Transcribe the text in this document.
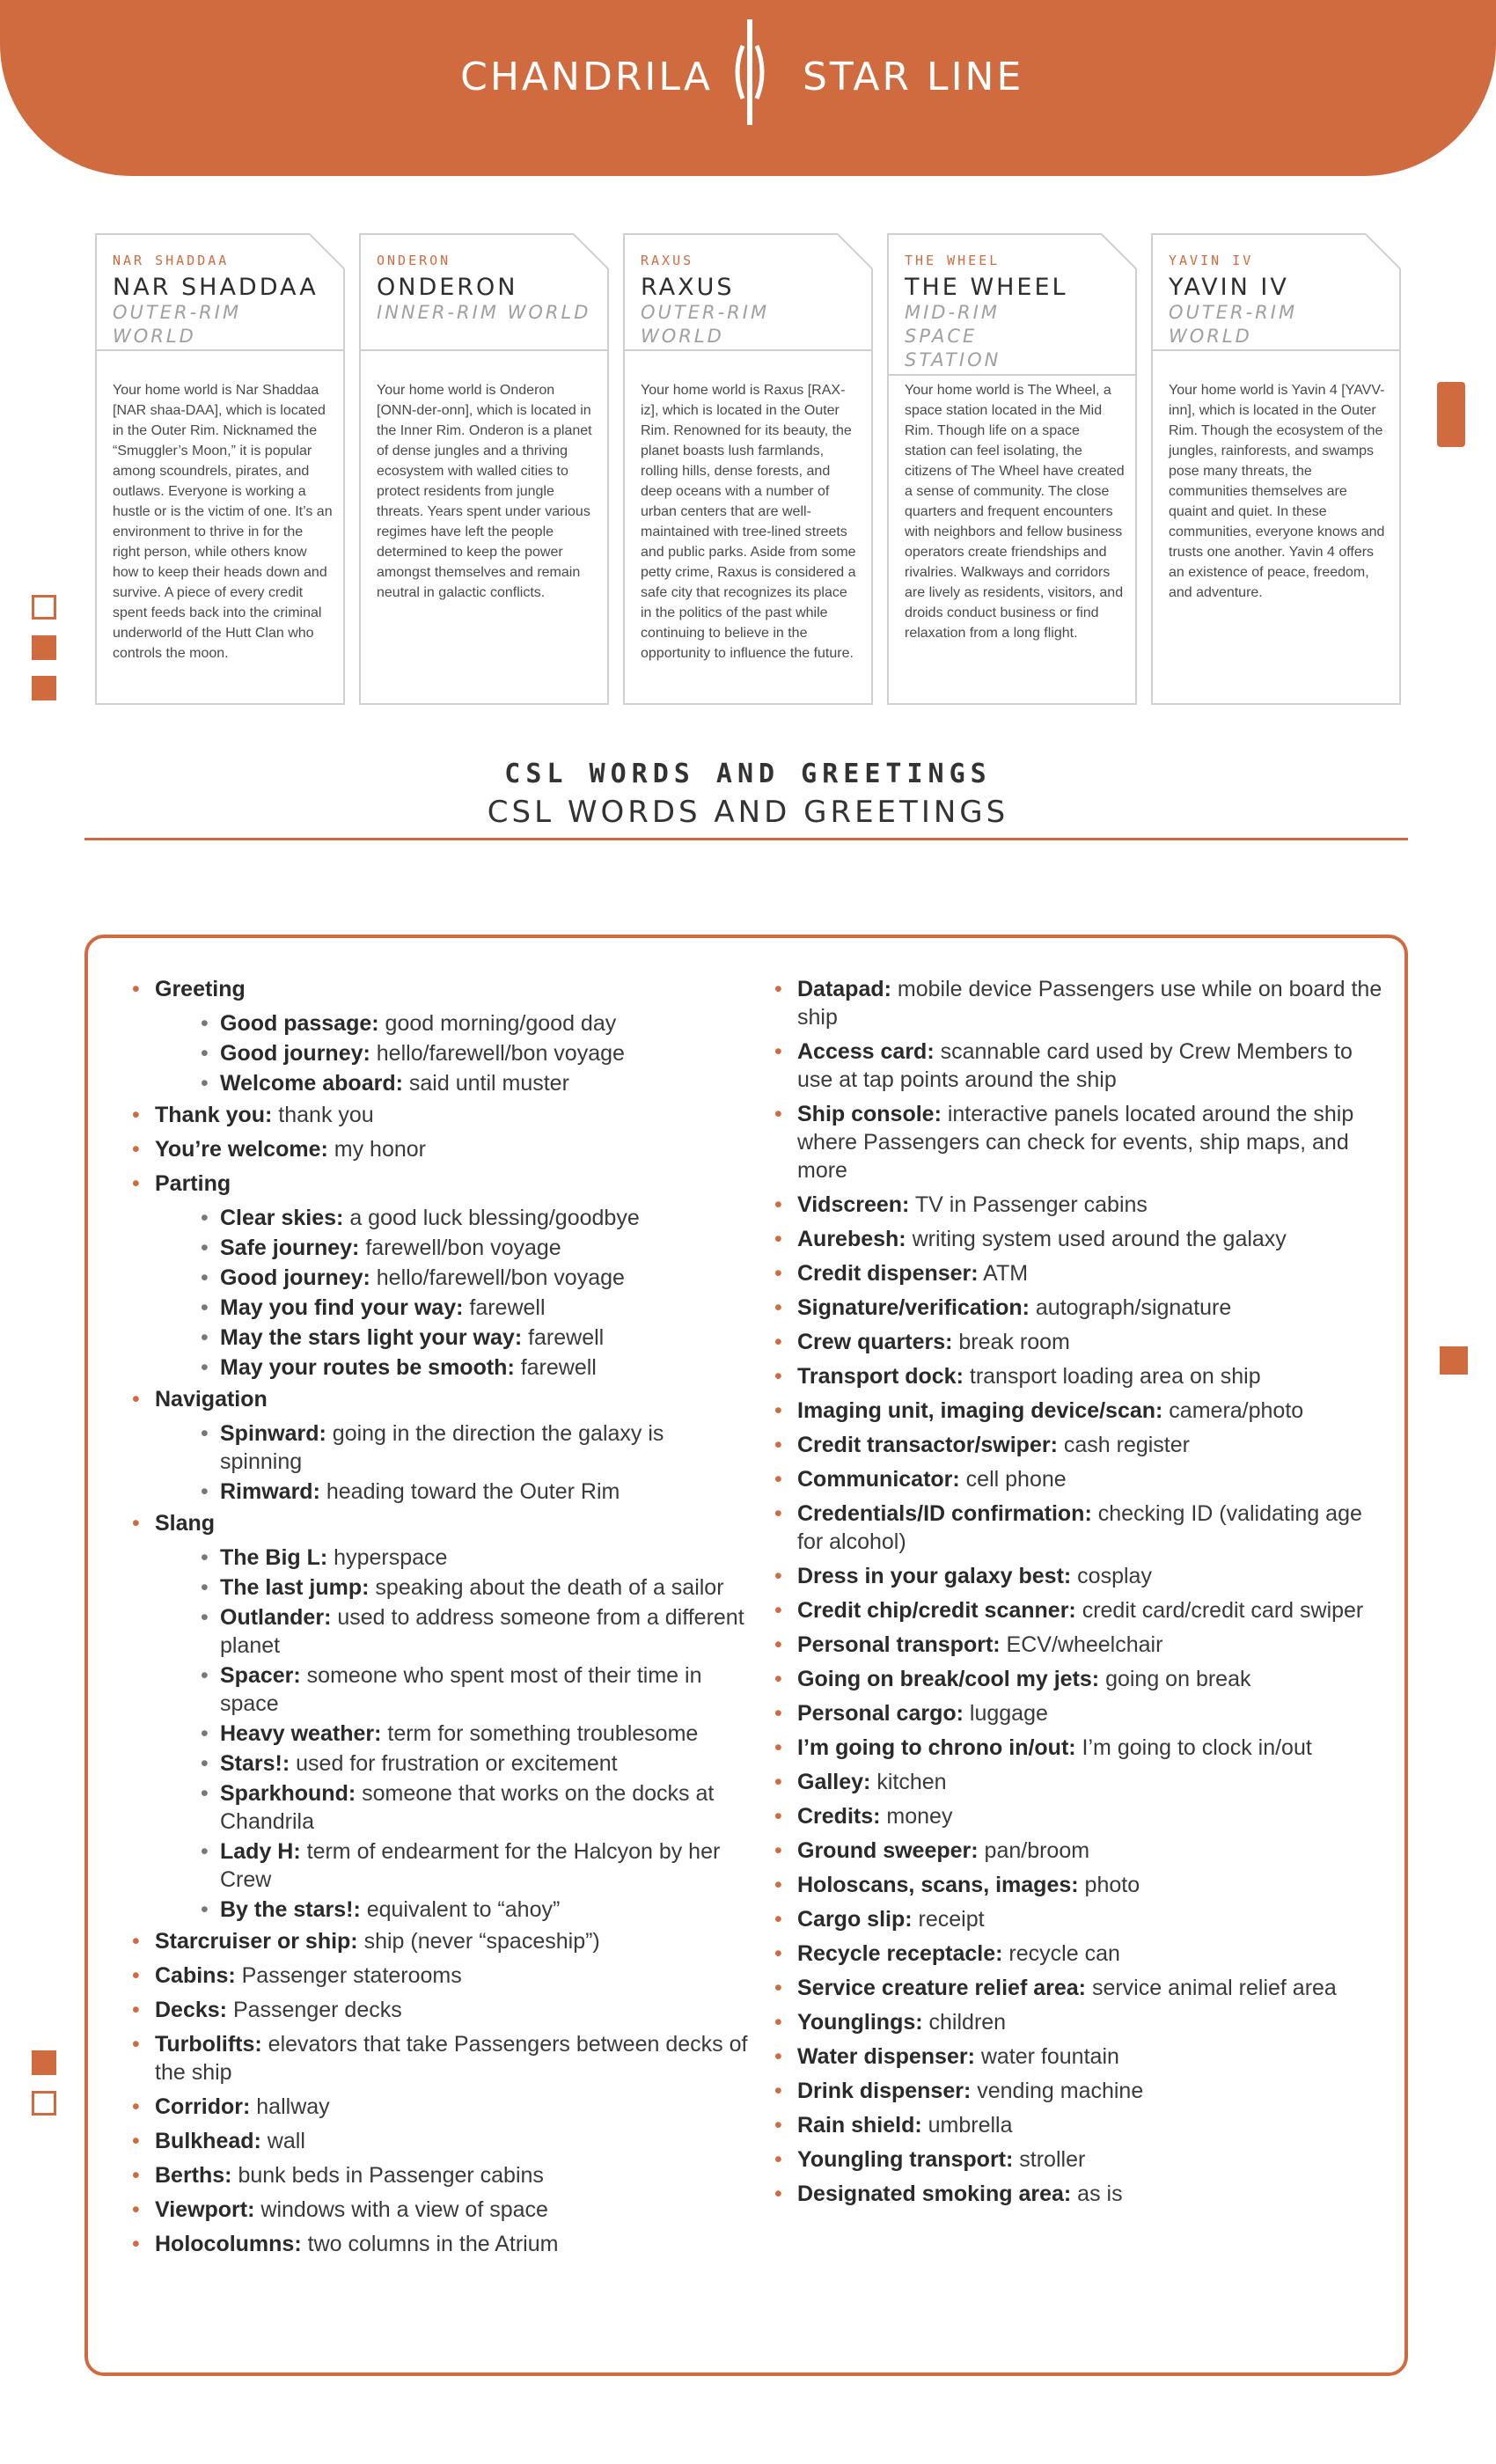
CHANDRILA STAR LINE
NAR SHADDAA
NAR SHADDAA
OUTER-RIM WORLD
Your home world is Nar Shaddaa [NAR shaa-DAA], which is located in the Outer Rim. Nicknamed the “Smuggler’s Moon,” it is popular among scoundrels, pirates, and outlaws. Everyone is working a hustle or is the victim of one. It’s an environment to thrive in for the right person, while others know how to keep their heads down and survive. A piece of every credit spent feeds back into the criminal underworld of the Hutt Clan who controls the moon.
ONDERON
ONDERON
INNER-RIM WORLD
Your home world is Onderon [ONN-der-onn], which is located in the Inner Rim. Onderon is a planet of dense jungles and a thriving ecosystem with walled cities to protect residents from jungle threats. Years spent under various regimes have left the people determined to keep the power amongst themselves and remain neutral in galactic conflicts.
RAXUS
RAXUS
OUTER-RIM WORLD
Your home world is Raxus [RAX-iz], which is located in the Outer Rim. Renowned for its beauty, the planet boasts lush farmlands, rolling hills, dense forests, and deep oceans with a number of urban centers that are well-maintained with tree-lined streets and public parks. Aside from some petty crime, Raxus is considered a safe city that recognizes its place in the politics of the past while continuing to believe in the opportunity to influence the future.
THE WHEEL
THE WHEEL
MID-RIM SPACE STATION
Your home world is The Wheel, a space station located in the Mid Rim. Though life on a space station can feel isolating, the citizens of The Wheel have created a sense of community. The close quarters and frequent encounters with neighbors and fellow business operators create friendships and rivalries. Walkways and corridors are lively as residents, visitors, and droids conduct business or find relaxation from a long flight.
YAVIN IV
YAVIN IV
OUTER-RIM WORLD
Your home world is Yavin 4 [YAVV-inn], which is located in the Outer Rim. Though the ecosystem of the jungles, rainforests, and swamps pose many threats, the communities themselves are quaint and quiet. In these communities, everyone knows and trusts one another. Yavin 4 offers an existence of peace, freedom, and adventure.
CSL WORDS AND GREETINGS
CSL WORDS AND GREETINGS
• Greeting
• Good passage: good morning/good day
• Good journey: hello/farewell/bon voyage
• Welcome aboard: said until muster
• Thank you: thank you
• You’re welcome: my honor
• Parting
• Clear skies: a good luck blessing/goodbye
• Safe journey: farewell/bon voyage
• Good journey: hello/farewell/bon voyage
• May you find your way: farewell
• May the stars light your way: farewell
• May your routes be smooth: farewell
• Navigation
• Spinward: going in the direction the galaxy is spinning
• Rimward: heading toward the Outer Rim
• Slang
• The Big L: hyperspace
• The last jump: speaking about the death of a sailor
• Outlander: used to address someone from a different planet
• Spacer: someone who spent most of their time in space
• Heavy weather: term for something troublesome
• Stars!: used for frustration or excitement
• Sparkhound: someone that works on the docks at Chandrila
• Lady H: term of endearment for the Halcyon by her Crew
• By the stars!: equivalent to “ahoy”
• Starcruiser or ship: ship (never “spaceship”)
• Cabins: Passenger staterooms
• Decks: Passenger decks
• Turbolifts: elevators that take Passengers between decks of the ship
• Corridor: hallway
• Bulkhead: wall
• Berths: bunk beds in Passenger cabins
• Viewport: windows with a view of space
• Holocolumns: two columns in the Atrium
• Datapad: mobile device Passengers use while on board the ship
• Access card: scannable card used by Crew Members to use at tap points around the ship
• Ship console: interactive panels located around the ship where Passengers can check for events, ship maps, and more
• Vidscreen: TV in Passenger cabins
• Aurebesh: writing system used around the galaxy
• Credit dispenser: ATM
• Signature/verification: autograph/signature
• Crew quarters: break room
• Transport dock: transport loading area on ship
• Imaging unit, imaging device/scan: camera/photo
• Credit transactor/swiper: cash register
• Communicator: cell phone
• Credentials/ID confirmation: checking ID (validating age for alcohol)
• Dress in your galaxy best: cosplay
• Credit chip/credit scanner: credit card/credit card swiper
• Personal transport: ECV/wheelchair
• Going on break/cool my jets: going on break
• Personal cargo: luggage
• I’m going to chrono in/out: I’m going to clock in/out
• Galley: kitchen
• Credits: money
• Ground sweeper: pan/broom
• Holoscans, scans, images: photo
• Cargo slip: receipt
• Recycle receptacle: recycle can
• Service creature relief area: service animal relief area
• Younglings: children
• Water dispenser: water fountain
• Drink dispenser: vending machine
• Rain shield: umbrella
• Youngling transport: stroller
• Designated smoking area: as is
